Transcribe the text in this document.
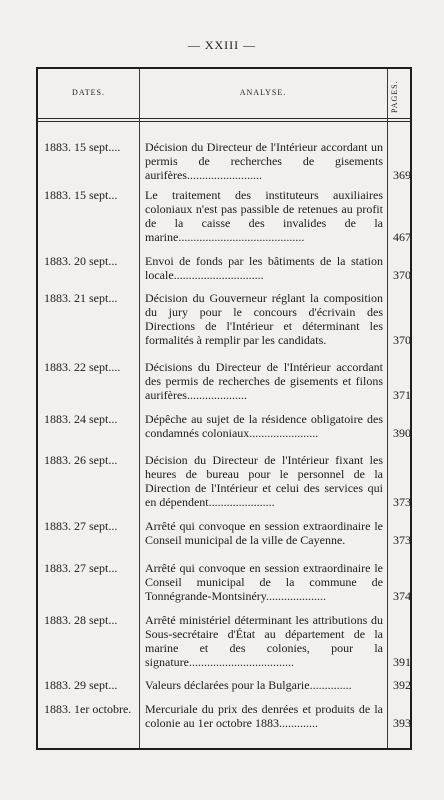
— XXIII —
DATES.	ANALYSE.	PAGES.
1883. 15 sept....	Décision du Directeur de l'Intérieur accordant un permis de recherches de gisements aurifères.........................	369
1883. 15 sept...	Le traitement des instituteurs auxiliaires coloniaux n'est pas passible de retenues au profit de la caisse des invalides de la marine..........................................	467
1883. 20 sept...	Envoi de fonds par les bâtiments de la station locale..............................	370
1883. 21 sept...	Décision du Gouverneur réglant la composition du jury pour le concours d'écrivain des Directions de l'Intérieur et déterminant les formalités à remplir par les candidats.	370
1883. 22 sept....	Décisions du Directeur de l'Intérieur accordant des permis de recherches de gisements et filons aurifères....................	371
1883. 24 sept...	Dépêche au sujet de la résidence obligatoire des condamnés coloniaux.......................	390
1883. 26 sept...	Décision du Directeur de l'Intérieur fixant les heures de bureau pour le personnel de la Direction de l'Intérieur et celui des services qui en dépendent......................	373
1883. 27 sept...	Arrêté qui convoque en session extraordinaire le Conseil municipal de la ville de Cayenne.	373
1883. 27 sept...	Arrêté qui convoque en session extraordinaire le Conseil municipal de la commune de Tonnégrande-Montsinéry....................	374
1883. 28 sept...	Arrêté ministériel déterminant les attributions du Sous-secrétaire d'État au département de la marine et des colonies, pour la signature...................................	391
1883. 29 sept...	Valeurs déclarées pour la Bulgarie..............	392
1883. 1er octobre.	Mercuriale du prix des denrées et produits de la colonie au 1er octobre 1883.............	393
